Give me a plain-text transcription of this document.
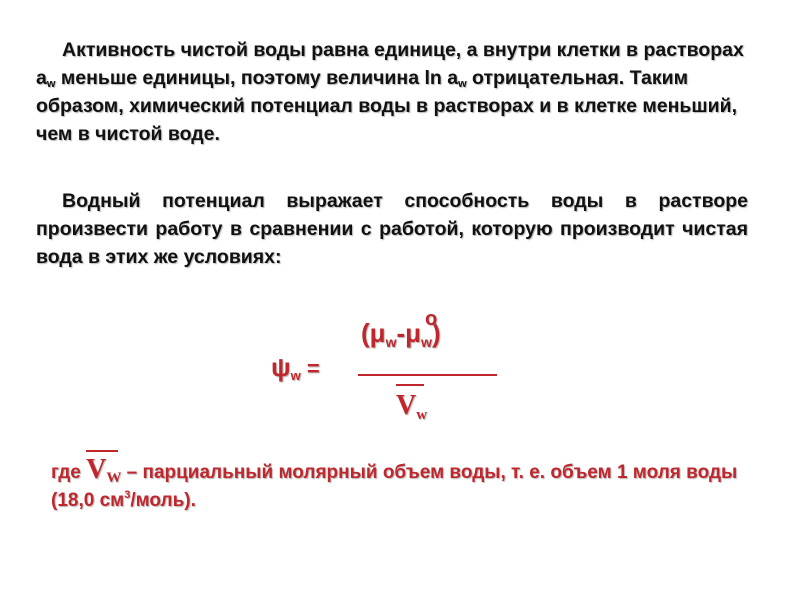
Активность чистой воды равна единице, а внутри клетки в растворах $a_w$ меньше единицы, поэтому величина $\ln a_w$ отрицательная. Таким образом, химический потенциал воды в растворах и в клетке меньший, чем в чистой воде.

Водный потенциал выражает способность воды в растворе произвести работу в сравнении с работой, которую производит чистая вода в этих же условиях:

$\psi_w$ =
($\mu_w-\mu$ o
$_w$)
$V_w$

где $V_W$ – парциальный молярный объем воды, т. е. объем 1 моля воды (18,0 $см^3/моль$).
